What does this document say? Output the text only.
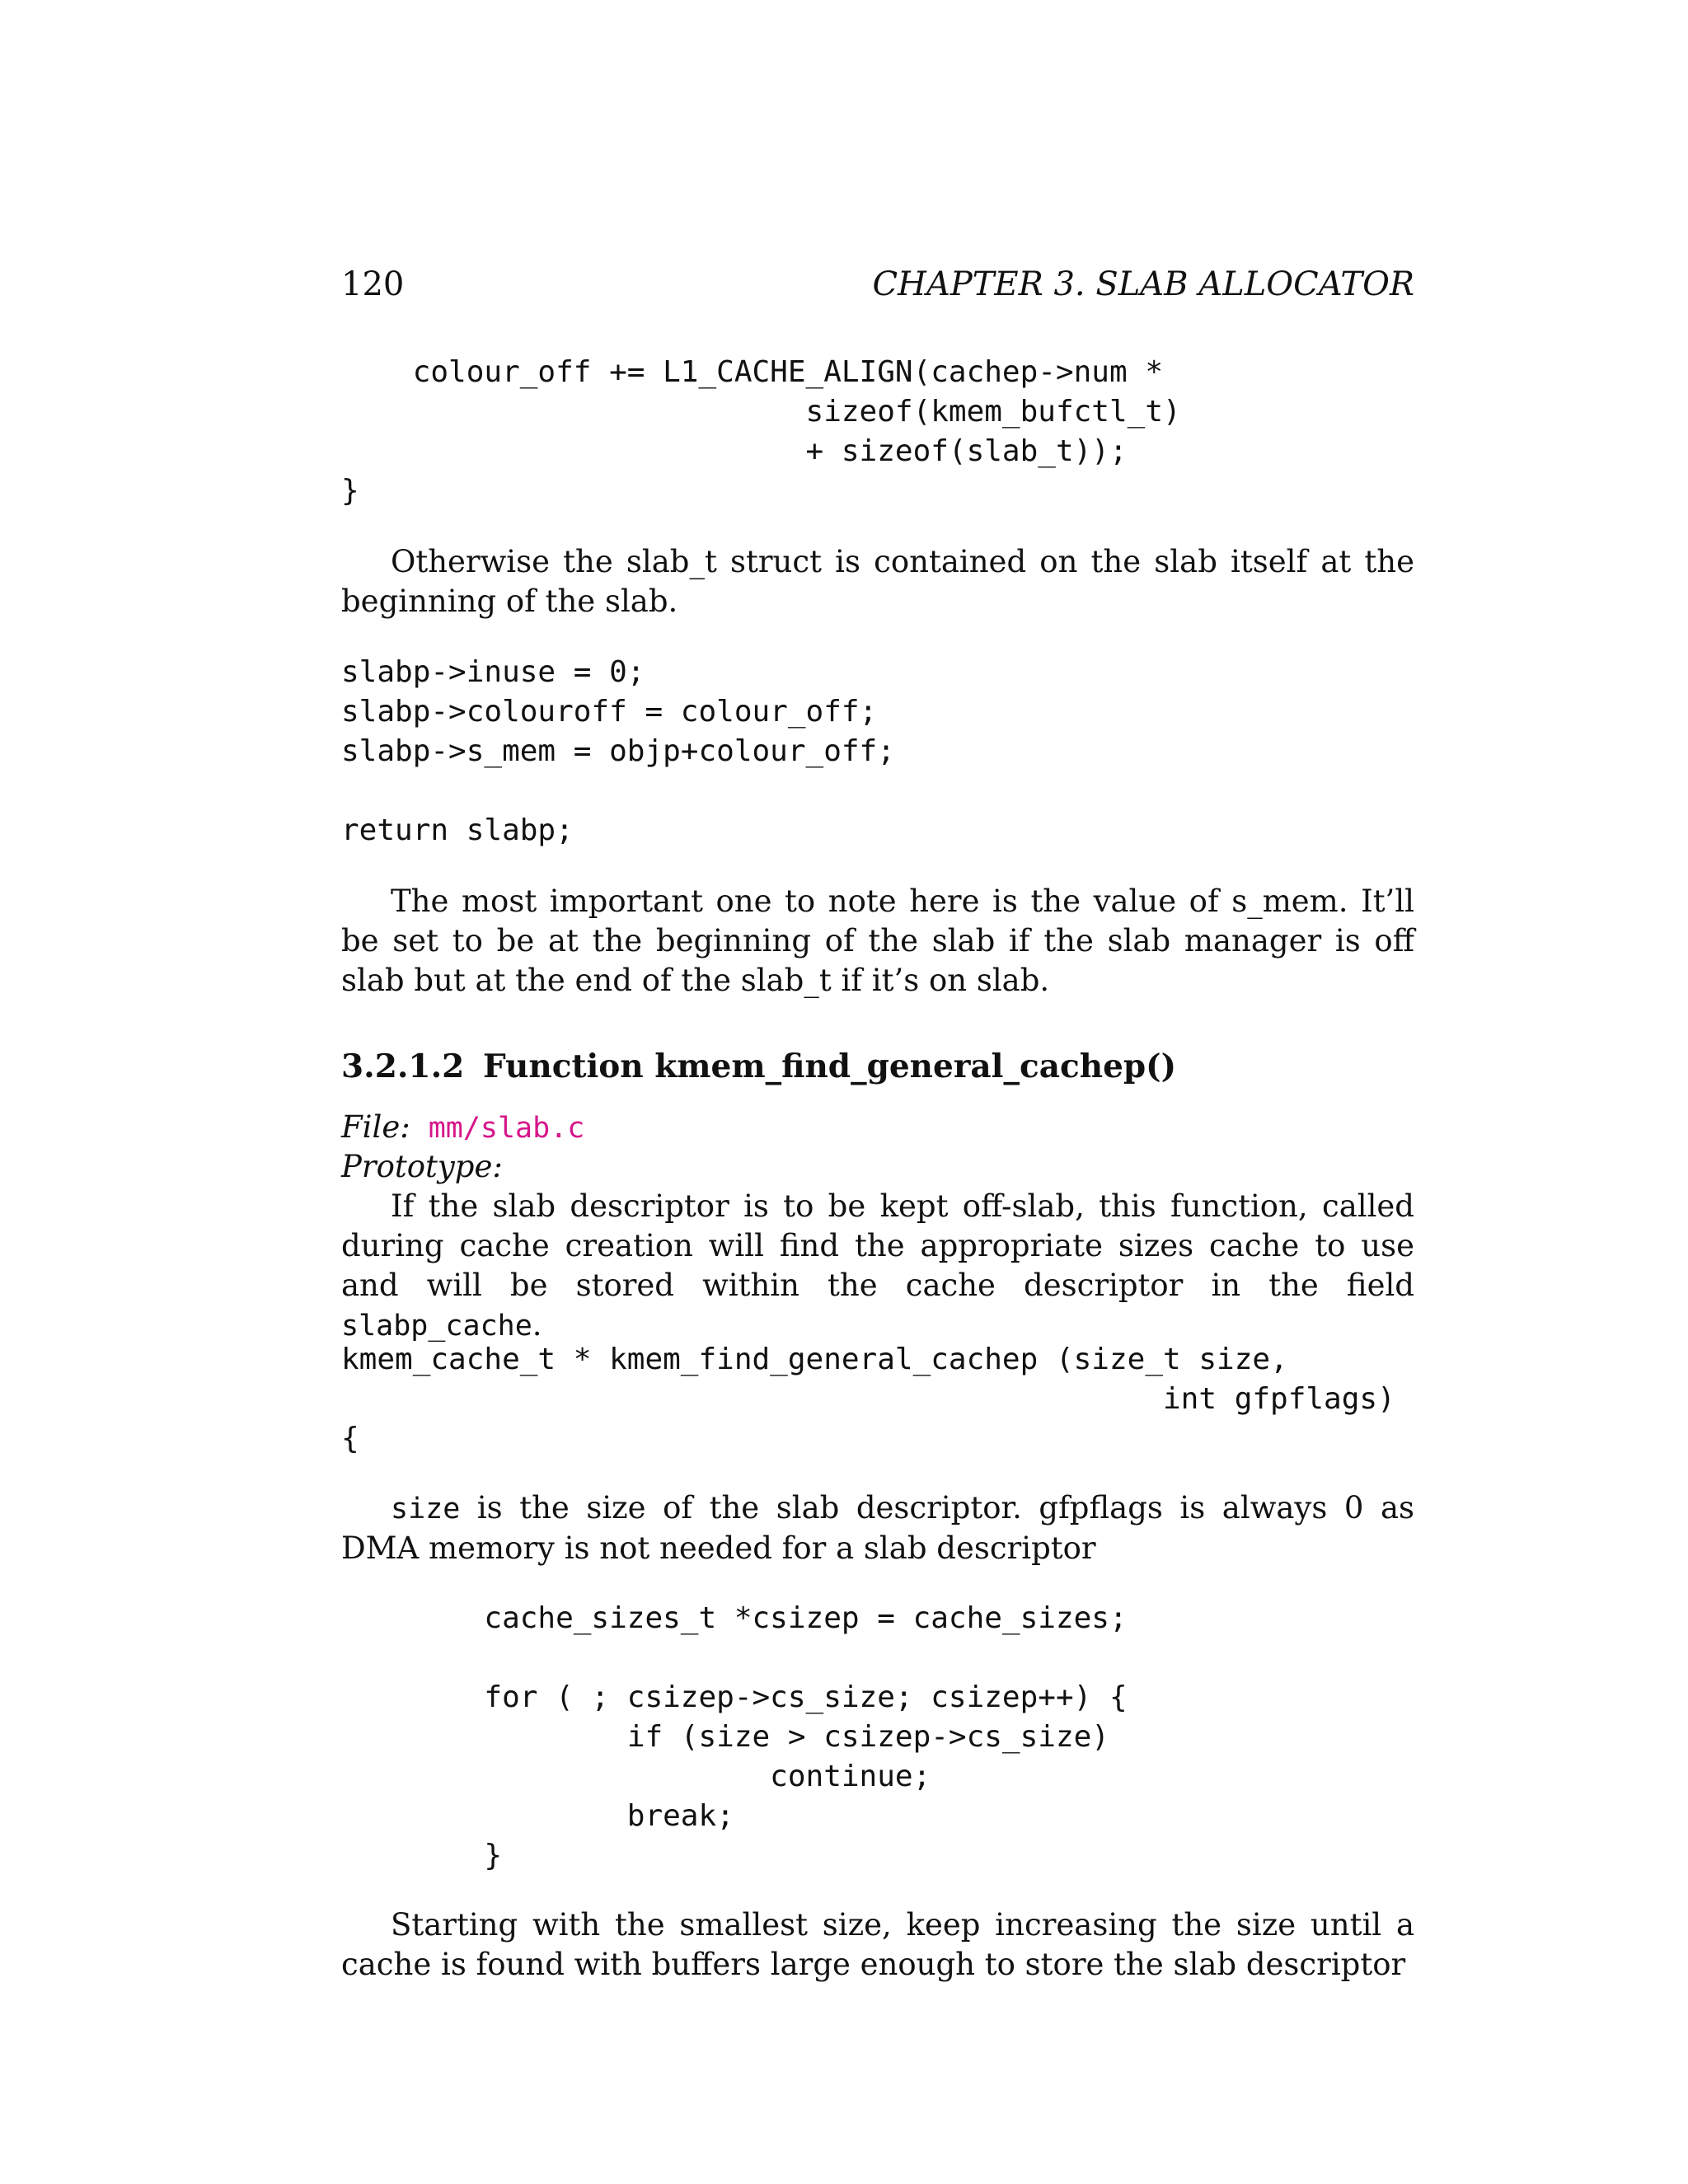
120	CHAPTER 3. SLAB ALLOCATOR
colour_off += L1_CACHE_ALIGN(cachep->num *
sizeof(kmem_bufctl_t)
+ sizeof(slab_t));
}

Otherwise the slab_t struct is contained on the slab itself at the beginning of the slab.

slabp->inuse = 0;
slabp->colouroff = colour_off;
slabp->s_mem = objp+colour_off;

return slabp;

The most important one to note here is the value of s_mem. It’ll be set to be at the beginning of the slab if the slab manager is off slab but at the end of the slab_t if it’s on slab.

3.2.1.2 Function kmem_find_general_cachep()
File: mm/slab.c
Prototype:

If the slab descriptor is to be kept off-slab, this function, called during cache creation will find the appropriate sizes cache to use and will be stored within the cache descriptor in the field slabp_cache.

kmem_cache_t * kmem_find_general_cachep (size_t size,
int gfpflags)
{

size is the size of the slab descriptor. gfpflags is always 0 as DMA memory is not needed for a slab descriptor

cache_sizes_t *csizep = cache_sizes;

for ( ; csizep->cs_size; csizep++) {
if (size > csizep->cs_size)
continue;
break;
}

Starting with the smallest size, keep increasing the size until a cache is found with buffers large enough to store the slab descriptor
